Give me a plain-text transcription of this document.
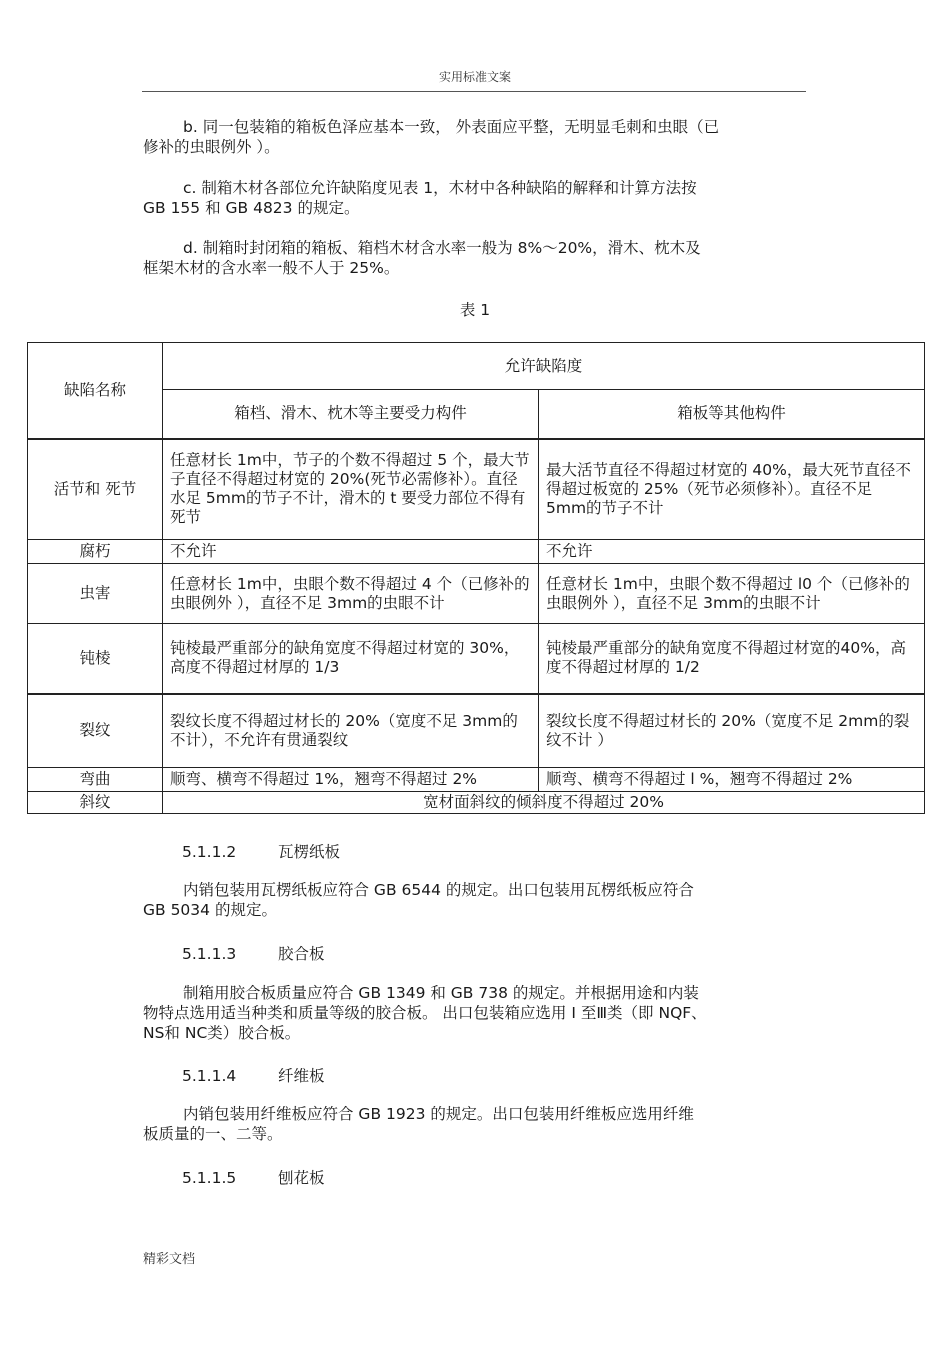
实用标准文案
b. 同一包装箱的箱板色泽应基本一致， 外表面应平整，无明显毛刺和虫眼（已
修补的虫眼例外 ）。
c. 制箱木材各部位允许缺陷度见表 1，木材中各种缺陷的解释和计算方法按
GB 155 和 GB 4823 的规定。
d. 制箱时封闭箱的箱板、箱档木材含水率一般为 8%～20%，滑木、枕木及
框架木材的含水率一般不人于 25%。
表 1
缺陷名称	允许缺陷度	
	箱档、滑木、枕木等主要受力构件	箱板等其他构件
活节和 死节	任意材长 1m中，节子的个数不得超过 5 个，最大节子直径不得超过材宽的 20%(死节必需修补）。直径水足 5mm的节子不计，滑木的 t 要受力部位不得有 死节	最大活节直径不得超过材宽的 40%，最大死节直径不得超过板宽的 25%（死节必须修补）。直径不足 5mm的节子不计
腐朽	不允许	不允许
虫害	任意材长 1m中，虫眼个数不得超过 4 个（已修补的虫眼例外 ），直径不足 3mm的虫眼不计	任意材长 1m中，虫眼个数不得超过 l0 个（已修补的虫眼例外 ），直径不足 3mm的虫眼不计
钝棱	钝棱最严重部分的缺角宽度不得超过材宽的 30%，高度不得超过材厚的 1/3	钝棱最严重部分的缺角宽度不得超过材宽的40%，高度不得超过材厚的 1/2
裂纹	裂纹长度不得超过材长的 20%（宽度不足 3mm的不计），不允许有贯通裂纹	裂纹长度不得超过材长的 20%（宽度不足 2mm的裂纹不计 ）
弯曲	顺弯、横弯不得超过 1%，翘弯不得超过 2%	顺弯、横弯不得超过 l %，翘弯不得超过 2%
斜纹	宽材面斜纹的倾斜度不得超过 20%	
5.1.1.2	瓦楞纸板
内销包装用瓦楞纸板应符合 GB 6544 的规定。出口包装用瓦楞纸板应符合
GB 5034 的规定。
5.1.1.3	胶合板
制箱用胶合板质量应符合 GB 1349 和 GB 738 的规定。并根据用途和内装
物特点选用适当种类和质量等级的胶合板。 出口包装箱应选用 I 至Ⅲ类（即 NQF、
NS和 NC类）胶合板。
5.1.1.4	纤维板
内销包装用纤维板应符合 GB 1923 的规定。出口包装用纤维板应选用纤维
板质量的一、二等。
5.1.1.5	刨花板
精彩文档
